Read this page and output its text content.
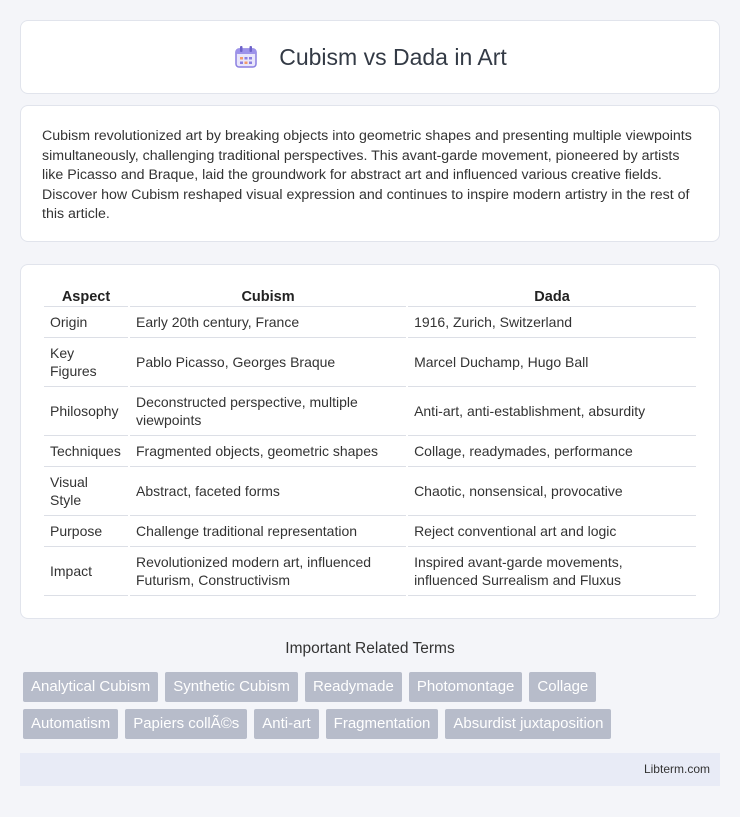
Cubism vs Dada in Art

Cubism revolutionized art by breaking objects into geometric shapes and presenting multiple viewpoints simultaneously, challenging traditional perspectives. This avant-garde movement, pioneered by artists like Picasso and Braque, laid the groundwork for abstract art and influenced various creative fields. Discover how Cubism reshaped visual expression and continues to inspire modern artistry in the rest of this article.

Aspect	Cubism	Dada
Origin	Early 20th century, France	1916, Zurich, Switzerland
Key Figures	Pablo Picasso, Georges Braque	Marcel Duchamp, Hugo Ball
Philosophy	Deconstructed perspective, multiple viewpoints	Anti-art, anti-establishment, absurdity
Techniques	Fragmented objects, geometric shapes	Collage, readymades, performance
Visual Style	Abstract, faceted forms	Chaotic, nonsensical, provocative
Purpose	Challenge traditional representation	Reject conventional art and logic
Impact	Revolutionized modern art, influenced Futurism, Constructivism	Inspired avant-garde movements, influenced Surrealism and Fluxus
Important Related Terms
Analytical Cubism	Synthetic Cubism	Readymade	Photomontage	Collage
Automatism	Papiers collÃ©s	Anti-art	Fragmentation	Absurdist juxtaposition
Libterm.com
